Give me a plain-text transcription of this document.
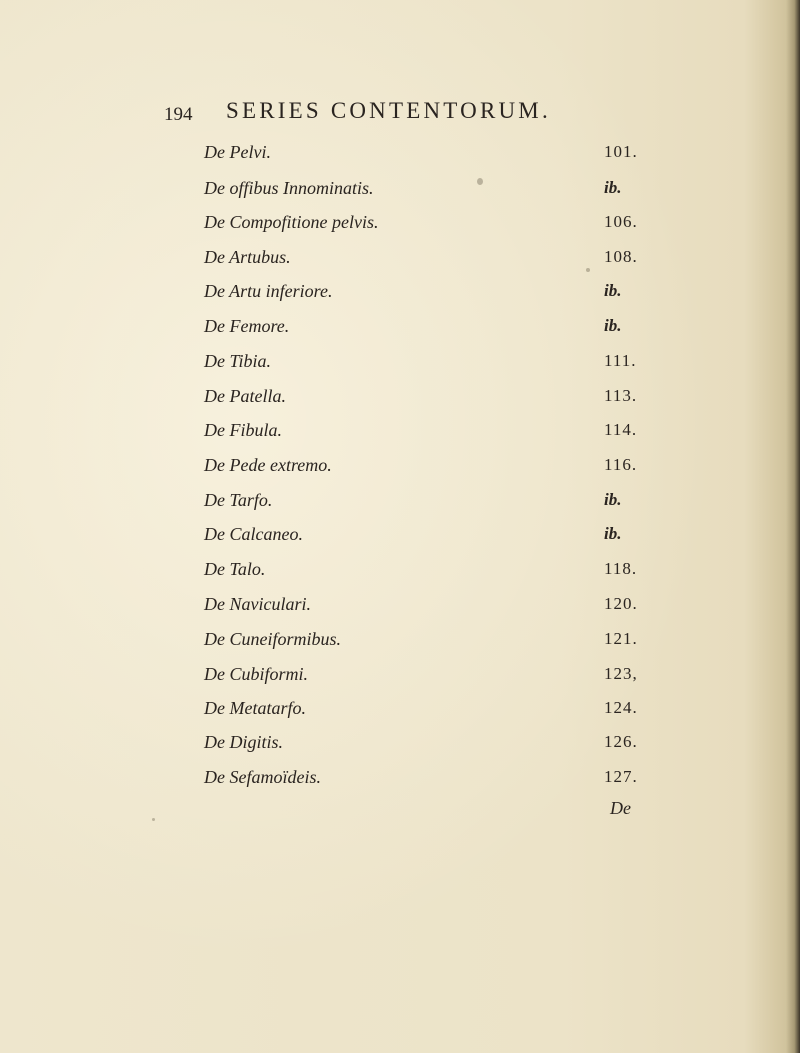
194 SERIES CONTENTORUM.
De Pelvi.	101.
De offibus Innominatis.	ib.
De Compofitione pelvis.	106.
De Artubus.	108.
De Artu inferiore.	ib.
De Femore.	ib.
De Tibia.	111.
De Patella.	113.
De Fibula.	114.
De Pede extremo.	116.
De Tarfo.	ib.
De Calcaneo.	ib.
De Talo.	118.
De Naviculari.	120.
De Cuneiformibus.	121.
De Cubiformi.	123,
De Metatarfo.	124.
De Digitis.	126.
De Sefamoïdeis.	127.
De
